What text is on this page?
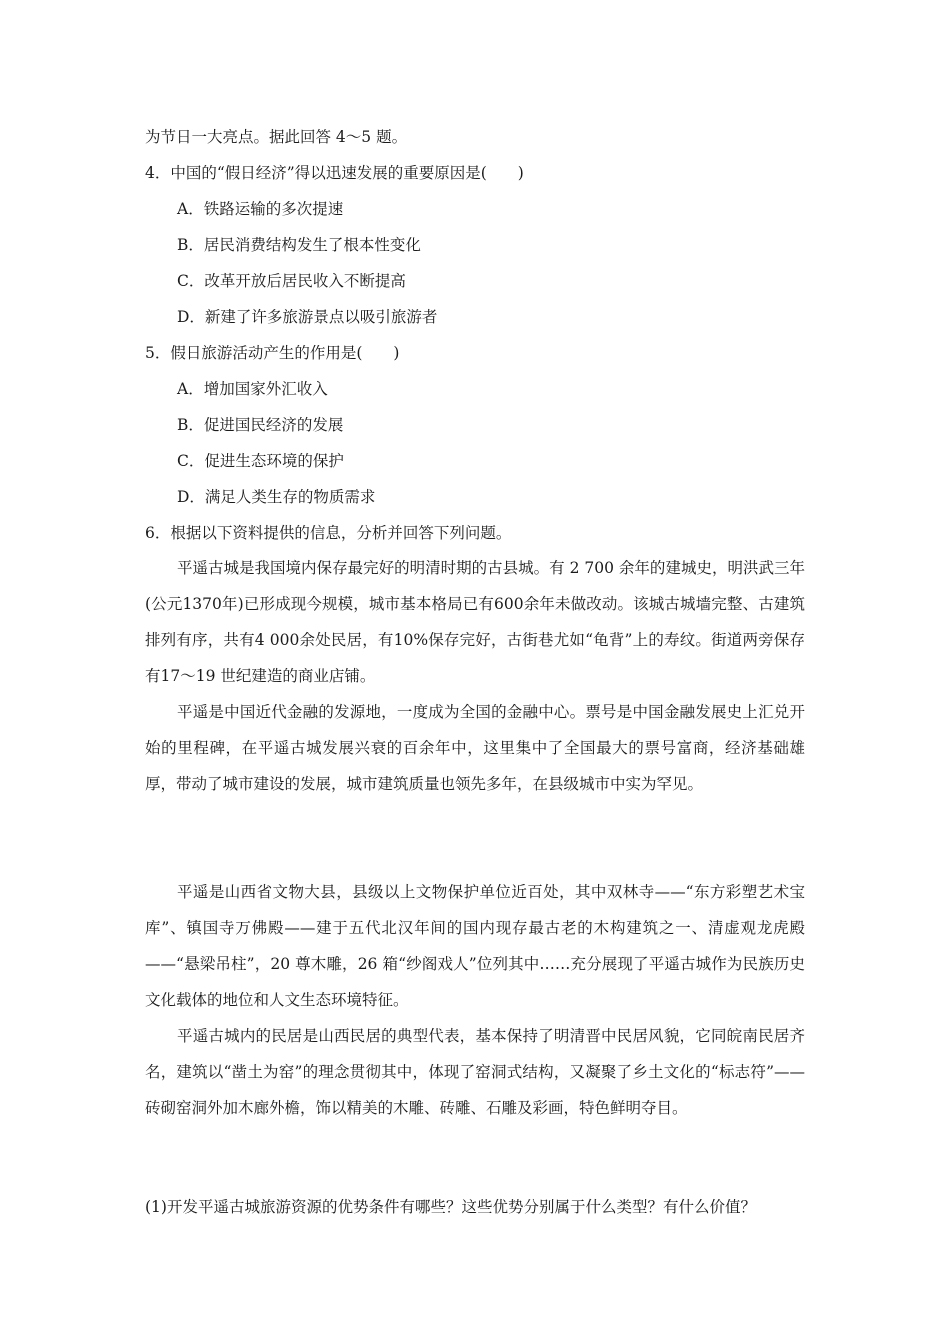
为节日一大亮点。据此回答 4～5 题。
4．中国的“假日经济”得以迅速发展的重要原因是(　　)
A．铁路运输的多次提速
B．居民消费结构发生了根本性变化
C．改革开放后居民收入不断提高
D．新建了许多旅游景点以吸引旅游者
5．假日旅游活动产生的作用是(　　)
A．增加国家外汇收入
B．促进国民经济的发展
C．促进生态环境的保护
D．满足人类生存的物质需求
6．根据以下资料提供的信息，分析并回答下列问题。
平遥古城是我国境内保存最完好的明清时期的古县城。有 2 700 余年的建城史，明洪武三年(公元1370年)已形成现今规模，城市基本格局已有600余年未做改动。该城古城墙完整、古建筑排列有序，共有4 000余处民居，有10%保存完好，古街巷尤如“龟背”上的寿纹。街道两旁保存有17～19 世纪建造的商业店铺。
平遥是中国近代金融的发源地，一度成为全国的金融中心。票号是中国金融发展史上汇兑开始的里程碑，在平遥古城发展兴衰的百余年中，这里集中了全国最大的票号富商，经济基础雄厚，带动了城市建设的发展，城市建筑质量也领先多年，在县级城市中实为罕见。
平遥是山西省文物大县，县级以上文物保护单位近百处，其中双林寺——“东方彩塑艺术宝库”、镇国寺万佛殿——建于五代北汉年间的国内现存最古老的木构建筑之一、清虚观龙虎殿——“悬梁吊柱”，20 尊木雕，26 箱“纱阁戏人”位列其中……充分展现了平遥古城作为民族历史文化载体的地位和人文生态环境特征。
平遥古城内的民居是山西民居的典型代表，基本保持了明清晋中民居风貌，它同皖南民居齐名，建筑以“凿土为窑”的理念贯彻其中，体现了窑洞式结构，又凝聚了乡土文化的“标志符”——砖砌窑洞外加木廊外檐，饰以精美的木雕、砖雕、石雕及彩画，特色鲜明夺目。
(1)开发平遥古城旅游资源的优势条件有哪些？这些优势分别属于什么类型？有什么价值？
